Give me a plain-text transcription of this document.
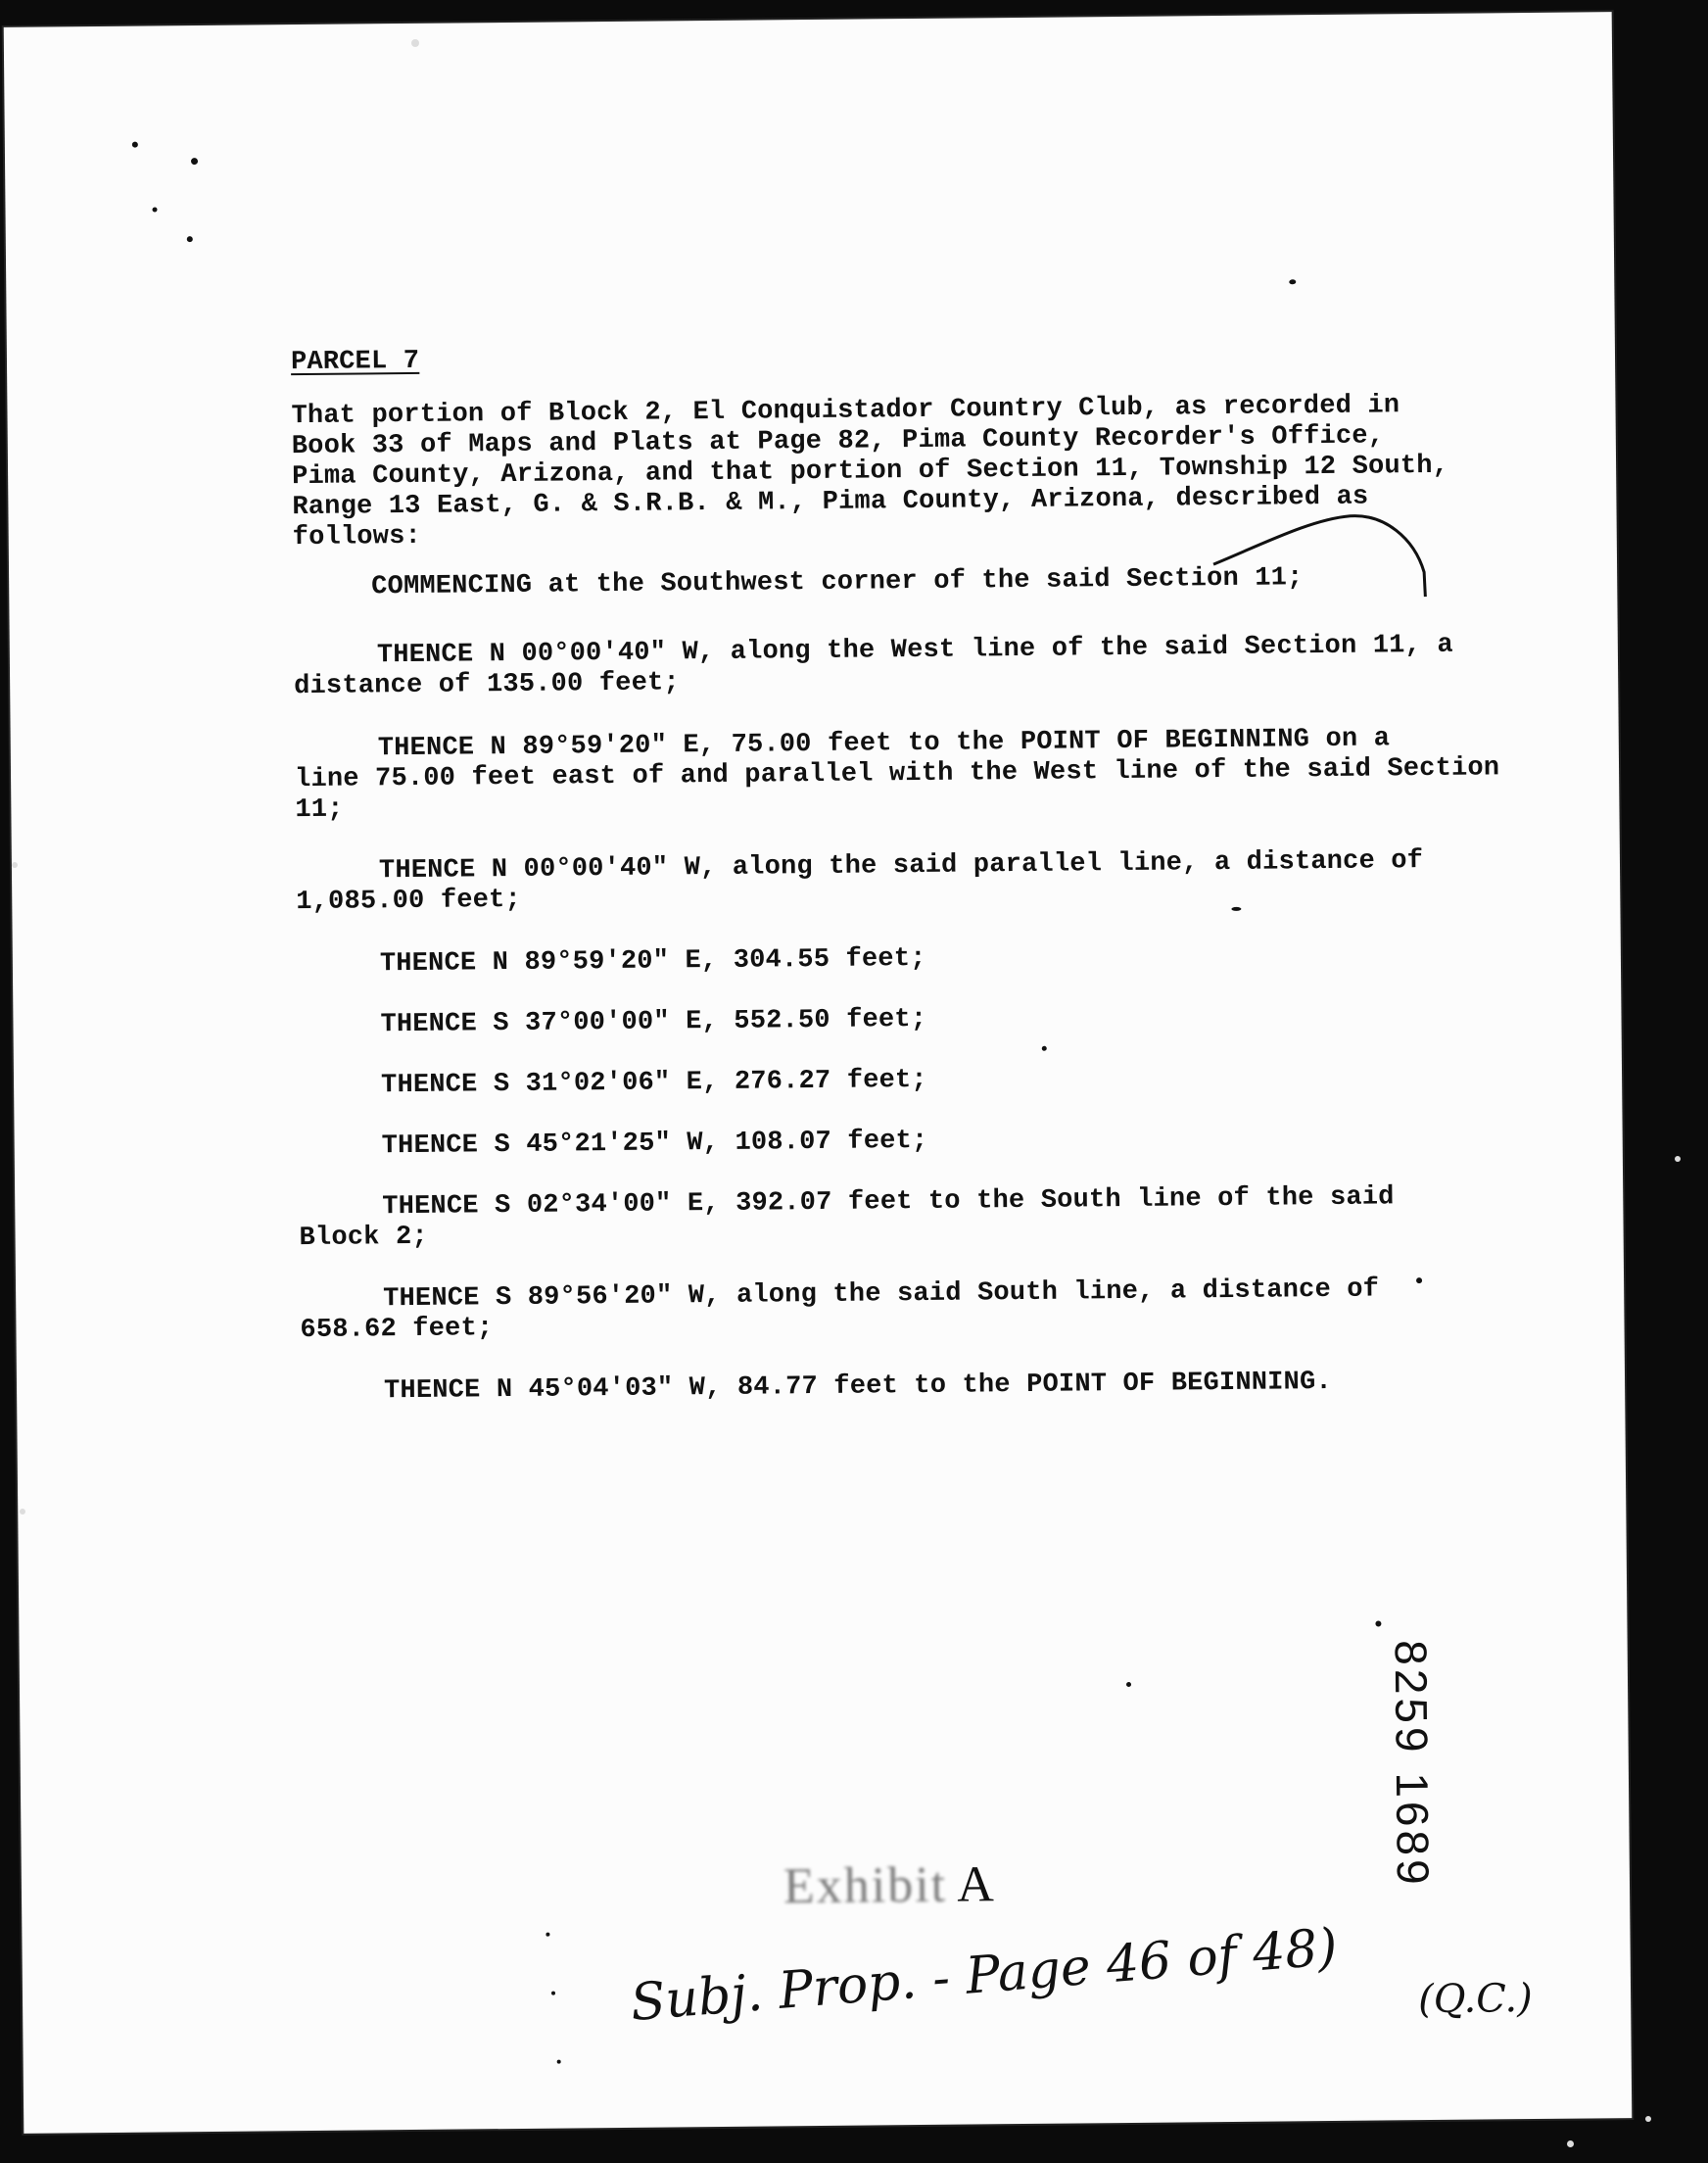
PARCEL 7

That portion of Block 2, El Conquistador Country Club, as recorded in

Book 33 of Maps and Plats at Page 82, Pima County Recorder's Office,

Pima County, Arizona, and that portion of Section 11, Township 12 South,

Range 13 East, G. & S.R.B. & M., Pima County, Arizona, described as

follows:

COMMENCING at the Southwest corner of the said Section 11;

THENCE N 00°00'40" W, along the West line of the said Section 11, a

distance of 135.00 feet;

THENCE N 89°59'20" E, 75.00 feet to the POINT OF BEGINNING on a

line 75.00 feet east of and parallel with the West line of the said Section

11;

THENCE N 00°00'40" W, along the said parallel line, a distance of

1,085.00 feet;

THENCE N 89°59'20" E, 304.55 feet;

THENCE S 37°00'00" E, 552.50 feet;

THENCE S 31°02'06" E, 276.27 feet;

THENCE S 45°21'25" W, 108.07 feet;

THENCE S 02°34'00" E, 392.07 feet to the South line of the said

Block 2;

THENCE S 89°56'20" W, along the said South line, a distance of

658.62 feet;

THENCE N 45°04'03" W, 84.77 feet to the POINT OF BEGINNING.

8259 1689
Exhibit A
Subj. Prop. - Page 46 of 48) (Q.C.)
